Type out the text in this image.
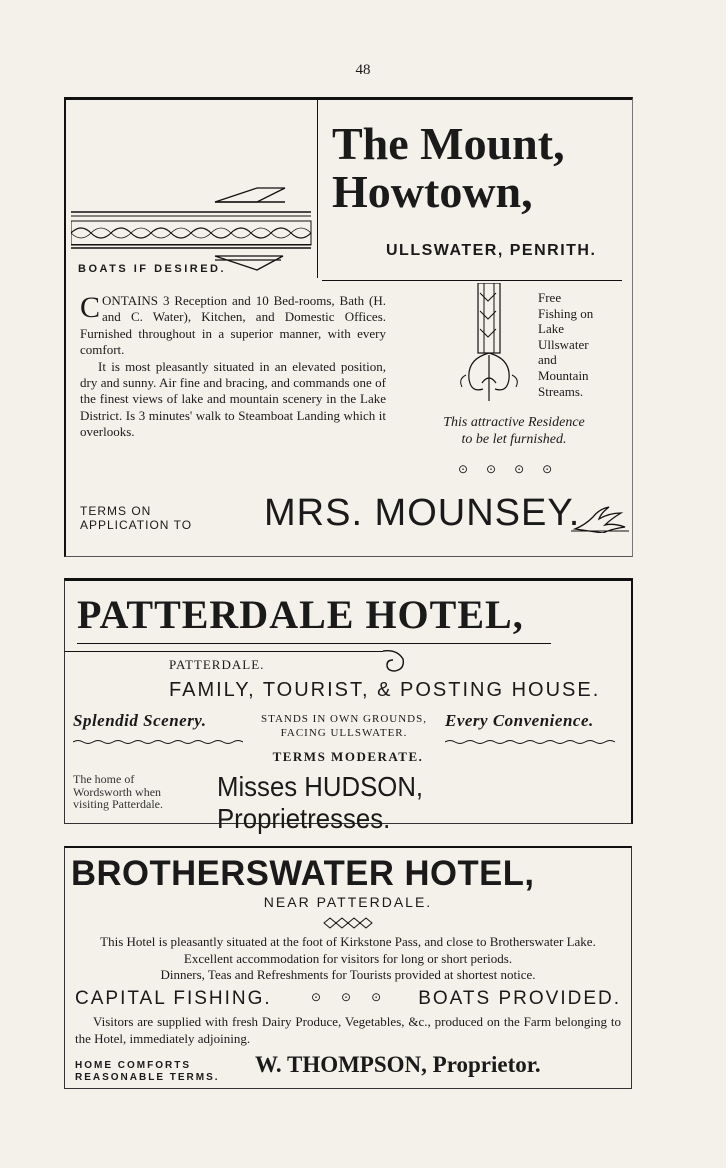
48
The Mount,
Howtown,
ULLSWATER, PENRITH.
BOATS IF DESIRED.

CONTAINS 3 Reception and 10 Bed-rooms, Bath (H. and C. Water), Kitchen, and Domestic Offices. Furnished throughout in a superior manner, with every comfort.

It is most pleasantly situated in an elevated position, dry and sunny. Air fine and bracing, and commands one of the finest views of lake and mountain scenery in the Lake District. Is 3 minutes' walk to Steamboat Landing which it overlooks.

Free
Fishing on
Lake
Ullswater
and
Mountain
Streams.
This attractive Residence
to be let furnished.
⊙⊙⊙⊙
TERMS ON
APPLICATION TO MRS. MOUNSEY.
PATTERDALE HOTEL,
PATTERDALE.
FAMILY, TOURIST, & POSTING HOUSE.
Splendid Scenery.	Every Convenience.
STANDS IN OWN GROUNDS,
FACING ULLSWATER.
TERMS MODERATE.
The home of
Wordsworth when
visiting Patterdale.
Misses HUDSON, Proprietresses.
BROTHERSWATER HOTEL,
NEAR PATTERDALE.

This Hotel is pleasantly situated at the foot of Kirkstone Pass, and close to Brotherswater Lake. Excellent accommodation for visitors for long or short periods.

Dinners, Teas and Refreshments for Tourists provided at shortest notice.

CAPITAL FISHING.	⊙⊙⊙ BOATS PROVIDED.

Visitors are supplied with fresh Dairy Produce, Vegetables, &c., produced on the Farm belonging to the Hotel, immediately adjoining.

HOME COMFORTS
REASONABLE TERMS.
W. THOMPSON, Proprietor.
